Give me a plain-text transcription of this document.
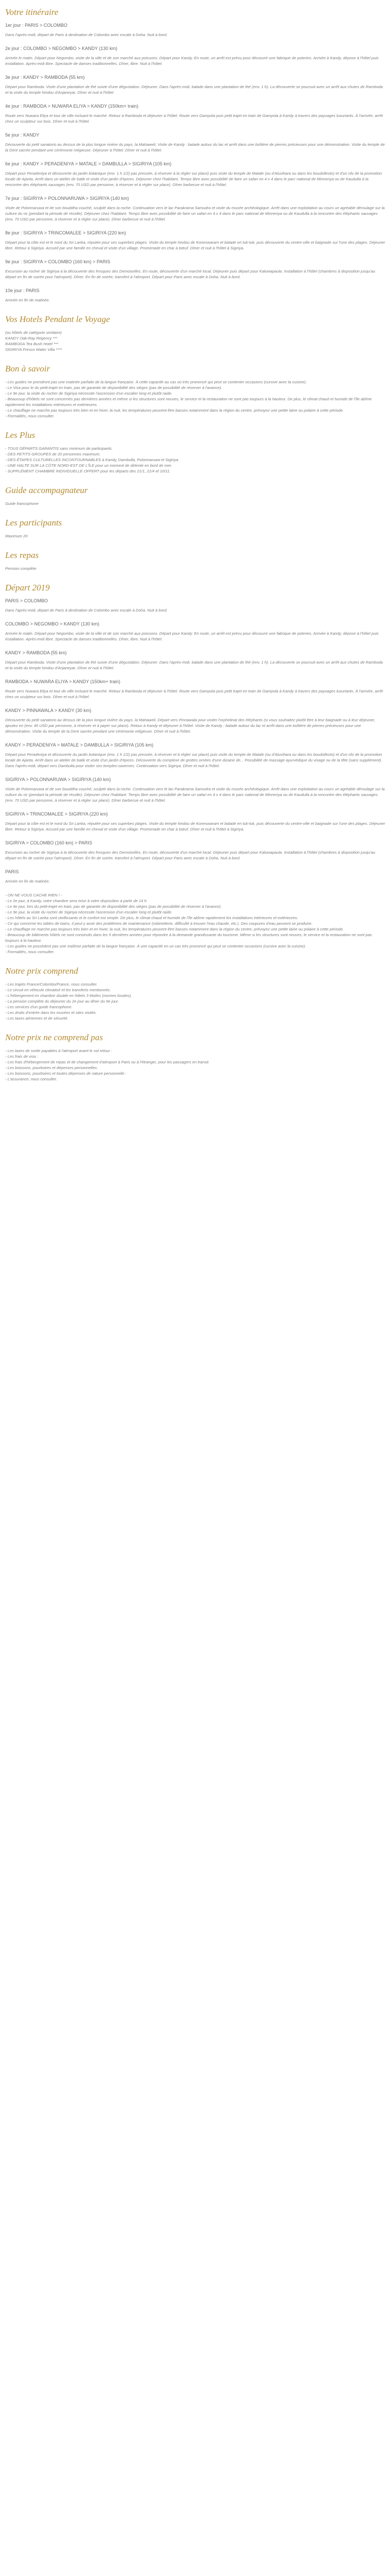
Votre itinéraire
1er jour : PARIS > COLOMBO

Dans l'après-midi, départ de Paris à destination de Colombo avec escale à Doha. Nuit à bord.

2e jour : COLOMBO > NEGOMBO > KANDY (130 km)

Arrivée le matin. Départ pour Negombo, visite de la ville et de son marché aux poissons. Départ pour Kandy. En route, un arrêt est prévu pour découvrir une fabrique de poteries. Arrivée à Kandy, dépose à l'hôtel puis installation. Après-midi libre. Spectacle de danses traditionnelles. Dîner, libre. Nuit à l'hôtel.

3e jour : KANDY > RAMBODA (55 km)

Départ pour Ramboda. Visite d'une plantation de thé suivie d'une dégustation. Déjeuner. Dans l'après-midi, balade dans une plantation de thé (env. 1 h). La découverte se poursuit avec un arrêt aux chutes de Ramboda et la visite du temple hindou d'Anjaneyar. Dîner et nuit à l'hôtel.

4e jour : RAMBODA > NUWARA ELIYA > KANDY (150km+ train)

Route vers Nuwara Eliya et tour de ville incluant le marché. Retour à Ramboda et déjeuner à l'hôtel. Route vers Gampola puis petit trajet en train de Gampola à Kandy à travers des paysages luxuriants. À l'arrivée, arrêt chez un sculpteur sur bois. Dîner et nuit à l'hôtel.

5e jour : KANDY

Découverte du petit sanatorio au dessus de la plus longue rivière du pays, la Mahaweli. Visite de Kandy : balade autour du lac et arrêt dans une boîtière de pierres précieuses pour une démonstration. Visite du temple de la Dent sacrée pendant une cérémonie religieuse. Déjeuner à l'hôtel. Dîner et nuit à l'hôtel.

6e jour : KANDY > PERADENIYA > MATALE > DAMBULLA > SIGIRIYA (105 km)

Départ pour Peradeniya et découverte du jardin botanique (env. 1 h 1/2) pas pressée, à réserver à la régler sur place) puis visite du temple de Matale (ou d'Aluvihara ou dans les boudollesto) et d'un rdv de la promotion locale de Ajanta. Arrêt dans un atelier de batik et visite d'un jardin d'épices. Déjeuner chez l'habitant. Temps libre avec possibilité de faire un safari en 4 x 4 dans le parc national de Minneriya ou de Kaudulla à la rencontre des éléphants sauvages (env. 70 USD par personne, à réserver et à régler sur place). Dîner barbecue et nuit à l'hôtel.

7e jour : SIGIRIYA > POLONNARUWA > SIGIRIYA (140 km)

Visite de Polonnaruwa et de son bouddha couché, sculpté dans la roche. Continuation vers le lac Parakrama Samudra et visite du musée archéologique. Arrêt dans une exploitation au cours un agréable déroulage sur la culture du riz (pendant la période de récolte). Déjeuner chez l'habitant. Temps libre avec possibilité de faire un safari en 4 x 4 dans le parc national de Minneriya ou de Kaudulla à la rencontre des éléphants sauvages (env. 70 USD par personne, à réserver et à régler sur place). Dîner barbecue et nuit à l'hôtel.

8e jour : SIGIRIYA > TRINCOMALEE > SIGIRIYA (220 km)

Départ pour la côte est et le nord du Sri Lanka, réputée pour ses superbes plages. Visite du temple hindou de Koneswaram et balade en tuk-tuk, puis découverte du centre-ville et baignade sur l'une des plages. Déjeuner libre. Retour à Sigiriya. Accueil par une famille en cheval et visite d'un village. Promenade en char à bœuf. Dîner et nuit à l'hôtel à Sigiriya.

9e jour : SIGIRIYA > COLOMBO (160 km) > PARIS

Excursion au rocher de Sigiriya à la découverte des fresques des Demoiselles. En route, découverte d'un marché local. Déjeuner puis départ pour Kaluwapaula. Installation à l'hôtel (chambres à disposition jusqu'au départ en fin de soirée pour l'aéroport). Dîner. En fin de soirée, transfert à l'aéroport. Départ pour Paris avec escale à Doha. Nuit à bord.

10e jour : PARIS

Arrivée en fin de matinée.

Vos Hotels Pendant le Voyage
(ou hôtels de catégorie similaire)
KANDY Oak-Ray Regency ***
RAMBODA Tea Bush Hotel ***
SIGIRIYA Fresco Water Villa ****
Bon à savoir
- Les guides ne prendront pas une matinée parfaite de la langue française. À cette capacité au cas où très prononcé qui peut se contenter occasions (cursive avec la cuisine).
- Le Visa pour le du petit-trajet en train, pas de garantie de disponibilité des sièges (pas de possibilité de réserver à l'avance).
- Le 9e jour, la visite du rocher de Sigiriya nécessite l'ascension d'un escalier long et plutôt raide.
- Beaucoup d'hôtels ne sont concernés pas dernières années et même si les structures sont neuves, le service et la restauration ne sont pas toujours à la hauteur. De plus, le climat chaud et humide de l'île abîme rapidement les installations intérieures et extérieures.
- Le chauffage ne marche pas toujours très bien et en hiver, la nuit, les températures peuvent être basses notamment dans la région du centre, prévoyez une petite laine ou polaire à cette période.
- Formalités, nous consulter.
Les Plus
- TOUS DÉPARTS GARANTIS sans minimum de participants.
- DES PETITS GROUPES de 20 personnes maximum.
- DES ÉTAPES CULTURELLES INCONTOURNABLES à Kandy, Dambulla, Polonnaruwa et Sigiriya.
- UNE HALTE SUR LA CÔTE NORD-EST DE L'ÎLE pour un moment de détente en bord de mer.
- SUPPLÉMENT CHAMBRE INDIVIDUELLE OFFERT pour les départs des 21/1, 21/4 et 10/11.
Guide accompagnateur

Guide francophone

Les participants

Maximum 20

Les repas

Pension complète

Départ 2019

PARIS > COLOMBO

Dans l'après-midi, départ de Paris à destination de Colombo avec escale à Doha. Nuit à bord.

COLOMBO > NEGOMBO > KANDY (130 km)

Arrivée le matin. Départ pour Negombo, visite de la ville et de son marché aux poissons. Départ pour Kandy. En route, un arrêt est prévu pour découvrir une fabrique de poteries. Arrivée à Kandy, dépose à l'hôtel puis installation. Après-midi libre. Spectacle de danses traditionnelles. Dîner, libre. Nuit à l'hôtel.

KANDY > RAMBODA (55 km)

Départ pour Ramboda. Visite d'une plantation de thé suivie d'une dégustation. Déjeuner. Dans l'après-midi, balade dans une plantation de thé (env. 1 h). La découverte se poursuit avec un arrêt aux chutes de Ramboda et la visite du temple hindou d'Anjaneyar. Dîner et nuit à l'hôtel.

RAMBODA > NUWARA ELIYA > KANDY (150km+ train)

Route vers Nuwara Eliya et tour de ville incluant le marché. Retour à Ramboda et déjeuner à l'hôtel. Route vers Gampola puis petit trajet en train de Gampola à Kandy à travers des paysages luxuriants. À l'arrivée, arrêt chez un sculpteur sur bois. Dîner et nuit à l'hôtel.

KANDY > PINNAWALA > KANDY (30 km)

Découverte du petit sanatorio au dessus de la plus longue rivière du pays, la Mahaweli. Départ vers Pinnawala pour visiter l'orphelinat des éléphants (si vous souhaitez plutôt être à leur baignade ou à leur déjeuner, ajoutez en (env. 45 USD par personne, à réserver et à payer sur place). Retour à Kandy et déjeuner à l'hôtel. Visite de Kandy : balade autour du lac et arrêt dans une boîtière de pierres précieuses pour une démonstration. Visite du temple de la Dent sacrée pendant une cérémonie religieuse. Dîner et nuit à l'hôtel.

KANDY > PERADENIYA > MATALE > DAMBULLA > SIGIRIYA (105 km)

Départ pour Peradeniya et découverte du jardin botanique (env. 1 h 1/2) pas pressée, à réserver et à régler sur place) puis visite du temple de Matale (ou d'Aluvihara ou dans les boudollesto) et d'un rdv de la promotion locale de Ajanta. Arrêt dans un atelier de batik et visite d'un jardin d'épices. Découverte du complexe de grottes ornées d'une dizaine de... Possibilité de massage ayurvédique du visage ou de la tête (sans supplément). Dans l'après-midi, départ vers Dambulla pour visiter ses temples-cavernes. Continuation vers Sigiriya. Dîner et nuit à l'hôtel.

SIGIRIYA > POLONNARUWA > SIGIRIYA (140 km)

Visite de Polonnaruwa et de son bouddha couché, sculpté dans la roche. Continuation vers le lac Parakrama Samudra et visite du musée archéologique. Arrêt dans une exploitation au cours un agréable déroulage sur la culture du riz (pendant la période de récolte). Déjeuner chez l'habitant. Temps libre avec possibilité de faire un safari en 4 x 4 dans le parc national de Minneriya ou de Kaudulla à la rencontre des éléphants sauvages (env. 70 USD par personne, à réserver et à régler sur place). Dîner barbecue et nuit à l'hôtel.

SIGIRIYA > TRINCOMALEE > SIGIRIYA (220 km)

Départ pour la côte est et le nord du Sri Lanka, réputée pour ses superbes plages. Visite du temple hindou de Koneswaram et balade en tuk-tuk, puis découverte du centre-ville et baignade sur l'une des plages. Déjeuner libre. Retour à Sigiriya. Accueil par une famille en cheval et visite d'un village. Promenade en char à bœuf. Dîner et nuit à l'hôtel à Sigiriya.

SIGIRIYA > COLOMBO (160 km) > PARIS

Excursion au rocher de Sigiriya à la découverte des fresques des Demoiselles. En route, découverte d'un marché local. Déjeuner puis départ pour Kaluwapaula. Installation à l'hôtel (chambres à disposition jusqu'au départ en fin de soirée pour l'aéroport). Dîner. En fin de soirée, transfert à l'aéroport. Départ pour Paris avec escale à Doha. Nuit à bord.

PARIS

Arrivée en fin de matinée.

- ON NE VOUS CACHE RIEN ! -
- Le 2e jour, à Kandy, votre chambre sera mise à votre disposition à partir de 14 h.
- Le 4e jour, lors du petit-trajet en train, pas de garantie de disponibilité des sièges (pas de possibilité de réserver à l'avance).
- Le 9e jour, la visite du rocher de Sigiriya nécessite l'ascension d'un escalier long et plutôt raide.
- Les hôtels au Sri Lanka sont vieillissants et le confort est simple. De plus, le climat chaud et humide de l'île abîme rapidement les installations intérieures et extérieures.
- Ce qui concerne les tables de bains, il peut y avoir des problèmes de maintenance (robinetterie, difficulté à trouver l'eau chaude, etc.). Des coupures d'eau peuvent se produire.
- Le chauffage ne marche pas toujours très bien et en hiver, la nuit, les températures peuvent être basses notamment dans la région du centre, prévoyez une petite laine ou polaire à cette période.
- Beaucoup de bâtiments hôtels ne sont construits dans les 5 dernières années pour répondre à la demande grandissante du tourisme. Même si les structures sont neuves, le service et la restauration ne sont pas toujours à la hauteur.
- Les guides ne possèdent pas une maîtrise parfaite de la langue française. À une capacité en un cas très prononcé qui peut se contenter occasions (cursive avec la cuisine).
- Formalités, nous consulter.
Notre prix comprend
- Les trajets France/Colombo/France, nous consulter.
- Le circuit en véhicule climatisé et les transferts mentionnés.
- L'hébergement en chambre double en hôtels 3 étoiles (normes locales).
- La pension complète du déjeuner du 2e jour au dîner du 9e jour.
- Les services d'un guide francophone.
- Les droits d'entrée dans les musées et sites visités.
- Les taxes aériennes et de sécurité.
Notre prix ne comprend pas
- Les taxes de sortie payables à l'aéroport avant le vol retour :
- Les frais de visa :
- Les frais d'hébergement de repas et de changement d'aéroport à Paris ou à l'étranger, pour les passagers en transit.
- Les boissons, pourboires et dépenses personnelles.
- Les boissons, pourboires et toutes dépenses de nature personnelle :
- L'assurance, nous consulter.
